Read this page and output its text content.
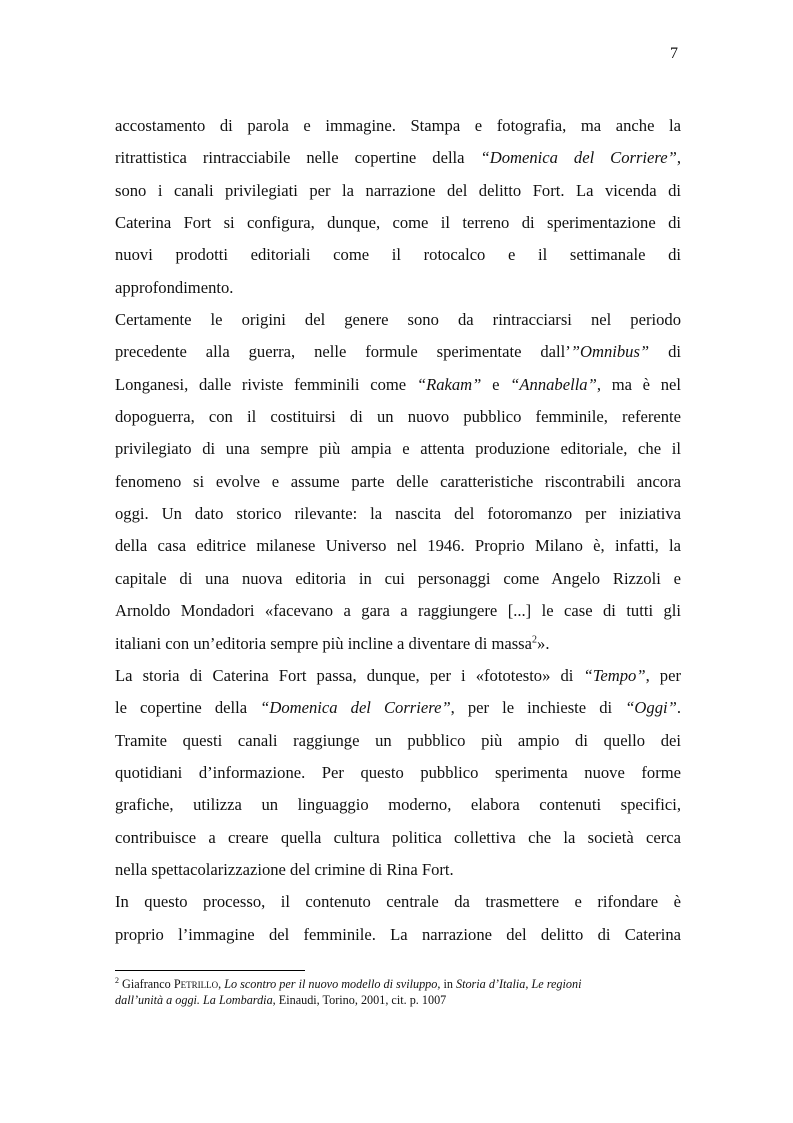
7
accostamento di parola e immagine. Stampa e fotografia, ma anche la
ritrattistica rintracciabile nelle copertine della “Domenica del Corriere”,
sono i canali privilegiati per la narrazione del delitto Fort. La vicenda di
Caterina Fort si configura, dunque, come il terreno di sperimentazione di
nuovi prodotti editoriali come il rotocalco e il settimanale di
approfondimento.
Certamente le origini del genere sono da rintracciarsi nel periodo
precedente alla guerra, nelle formule sperimentate dall’”Omnibus” di
Longanesi, dalle riviste femminili come “Rakam” e “Annabella”, ma è nel
dopoguerra, con il costituirsi di un nuovo pubblico femminile, referente
privilegiato di una sempre più ampia e attenta produzione editoriale, che il
fenomeno si evolve e assume parte delle caratteristiche riscontrabili ancora
oggi. Un dato storico rilevante: la nascita del fotoromanzo per iniziativa
della casa editrice milanese Universo nel 1946. Proprio Milano è, infatti, la
capitale di una nuova editoria in cui personaggi come Angelo Rizzoli e
Arnoldo Mondadori «facevano a gara a raggiungere [...] le case di tutti gli
italiani con un’editoria sempre più incline a diventare di massa$^2$».
La storia di Caterina Fort passa, dunque, per i «fototesto» di “Tempo”, per
le copertine della “Domenica del Corriere”, per le inchieste di “Oggi”.
Tramite questi canali raggiunge un pubblico più ampio di quello dei
quotidiani d’informazione. Per questo pubblico sperimenta nuove forme
grafiche, utilizza un linguaggio moderno, elabora contenuti specifici,
contribuisce a creare quella cultura politica collettiva che la società cerca
nella spettacolarizzazione del crimine di Rina Fort.
In questo processo, il contenuto centrale da trasmettere e rifondare è
proprio l’immagine del femminile. La narrazione del delitto di Caterina
$^2$ Giafranco Petrillo, Lo scontro per il nuovo modello di sviluppo, in Storia d’Italia, Le regioni
dall’unità a oggi. La Lombardia, Einaudi, Torino, 2001, cit. p. 1007
